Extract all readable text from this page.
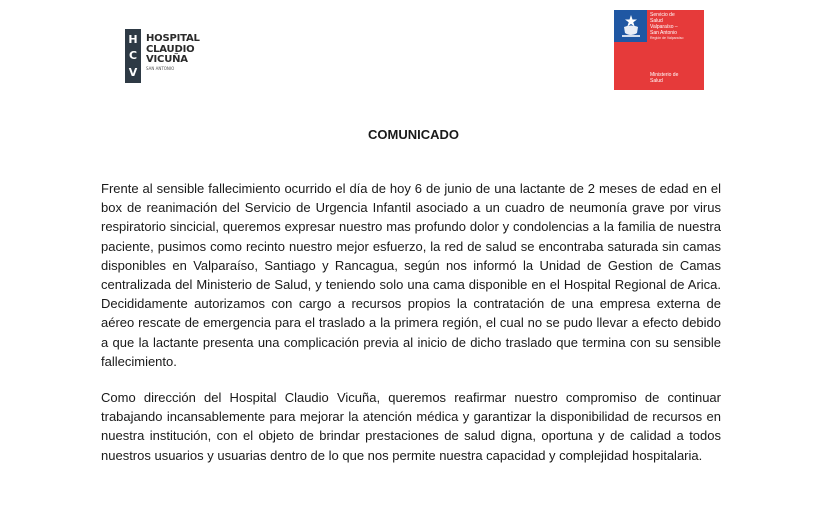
H
C
V
HOSPITAL
CLAUDIO
VICUÑA
SAN ANTONIO
Servicio de
Salud
Valparaíso –
San Antonio
Región de Valparaíso
Ministerio de
Salud
COMUNICADO

Frente al sensible fallecimiento ocurrido el día de hoy 6 de junio de una lactante de 2 meses de edad en el box de reanimación del Servicio de Urgencia Infantil asociado a un cuadro de neumonía grave por virus respiratorio sincicial, queremos expresar nuestro mas profundo dolor y condolencias a la familia de nuestra paciente, pusimos como recinto nuestro mejor esfuerzo, la red de salud se encontraba saturada sin camas disponibles en Valparaíso, Santiago y Rancagua, según nos informó la Unidad de Gestion de Camas centralizada del Ministerio de Salud, y teniendo solo una cama disponible en el Hospital Regional de Arica. Decididamente autorizamos con cargo a recursos propios la contratación de una empresa externa de aéreo rescate de emergencia para el traslado a la primera región, el cual no se pudo llevar a efecto debido a que la lactante presenta una complicación previa al inicio de dicho traslado que termina con su sensible fallecimiento.

Como dirección del Hospital Claudio Vicuña, queremos reafirmar nuestro compromiso de continuar trabajando incansablemente para mejorar la atención médica y garantizar la disponibilidad de recursos en nuestra institución, con el objeto de brindar prestaciones de salud digna, oportuna y de calidad a todos nuestros usuarios y usuarias dentro de lo que nos permite nuestra capacidad y complejidad hospitalaria.
